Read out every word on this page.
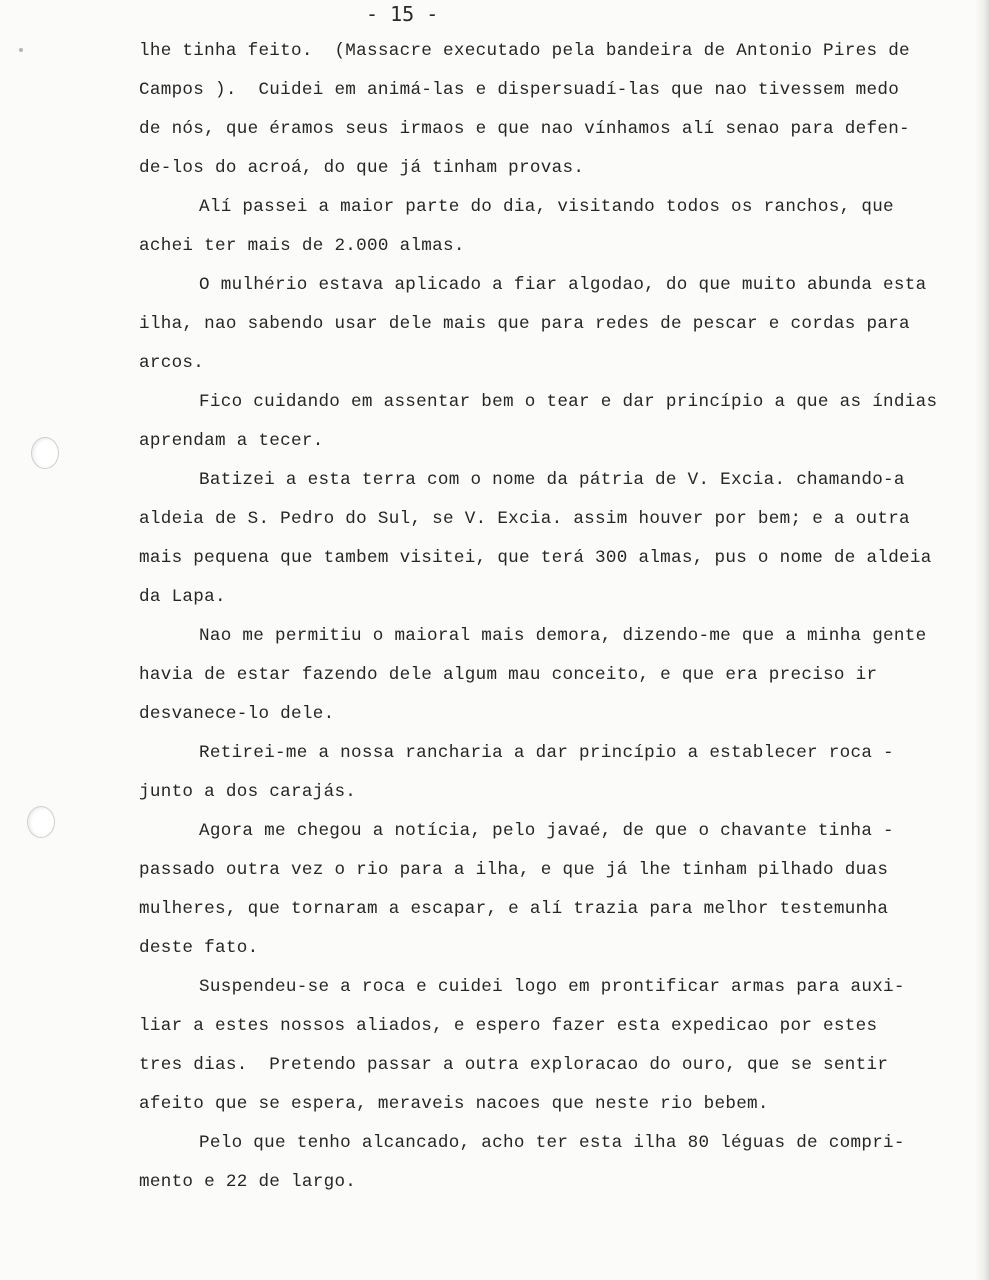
- 15 -
lhe tinha feito.  (Massacre executado pela bandeira de Antonio Pires de
Campos ).  Cuidei em animá-las e dispersuadí-las que nao tivessem medo
de nós, que éramos seus irmaos e que nao vínhamos alí senao para defen-
de-los do acroá, do que já tinham provas.
Alí passei a maior parte do dia, visitando todos os ranchos, que
achei ter mais de 2.000 almas.
O mulhério estava aplicado a fiar algodao, do que muito abunda esta
ilha, nao sabendo usar dele mais que para redes de pescar e cordas para
arcos.
Fico cuidando em assentar bem o tear e dar princípio a que as índias
aprendam a tecer.
Batizei a esta terra com o nome da pátria de V. Excia. chamando-a
aldeia de S. Pedro do Sul, se V. Excia. assim houver por bem; e a outra
mais pequena que tambem visitei, que terá 300 almas, pus o nome de aldeia
da Lapa.
Nao me permitiu o maioral mais demora, dizendo-me que a minha gente
havia de estar fazendo dele algum mau conceito, e que era preciso ir
desvanece-lo dele.
Retirei-me a nossa rancharia a dar princípio a establecer roca -
junto a dos carajás.
Agora me chegou a notícia, pelo javaé, de que o chavante tinha -
passado outra vez o rio para a ilha, e que já lhe tinham pilhado duas
mulheres, que tornaram a escapar, e alí trazia para melhor testemunha
deste fato.
Suspendeu-se a roca e cuidei logo em prontificar armas para auxi-
liar a estes nossos aliados, e espero fazer esta expedicao por estes
tres dias.  Pretendo passar a outra exploracao do ouro, que se sentir
afeito que se espera, meraveis nacoes que neste rio bebem.
Pelo que tenho alcancado, acho ter esta ilha 80 léguas de compri-
mento e 22 de largo.
